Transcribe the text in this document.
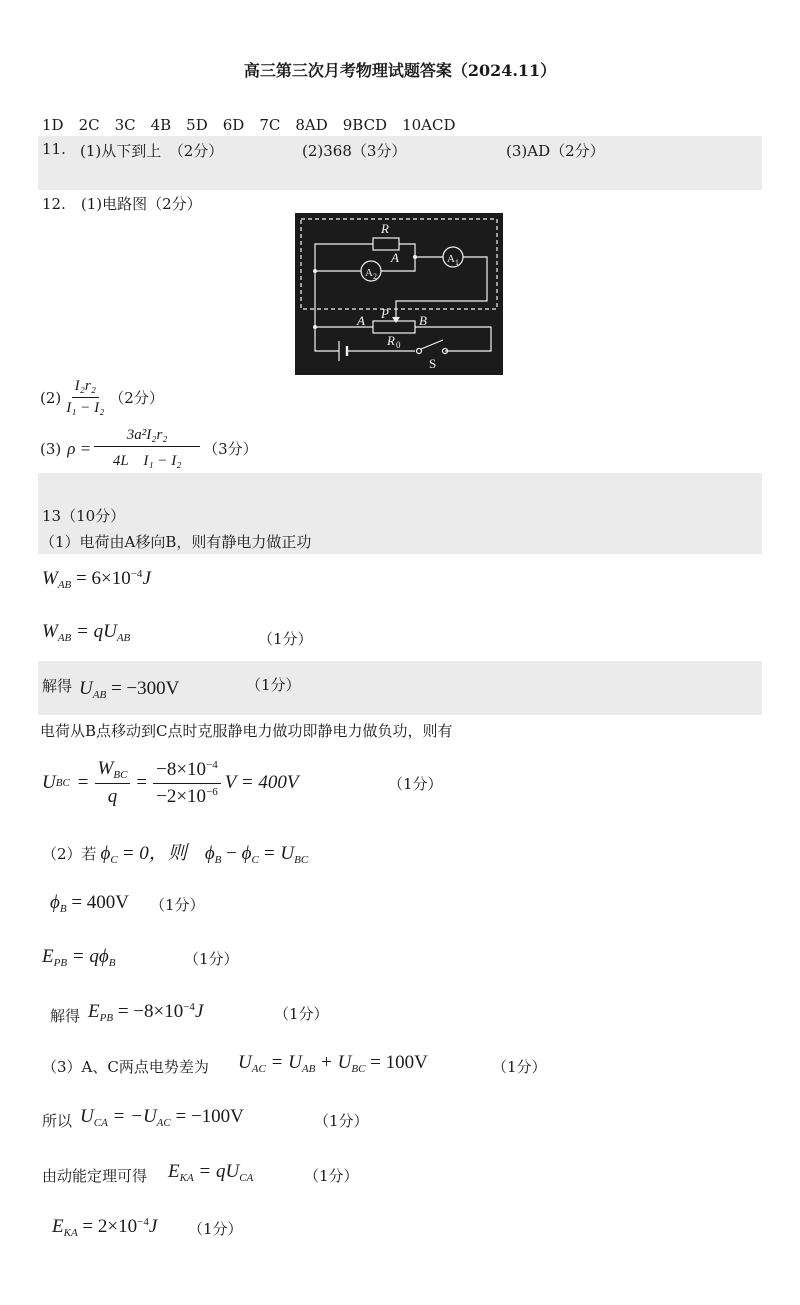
高三第三次月考物理试题答案（2024.11）
1D　2C　3C　4B　5D　6D　7C　8AD　9BCD　10ACD
11. (1)从下到上　（2分）	(2)368（3分）	(3)AD（2分）
12.　(1)电路图（2分）
R
A	A 1
A 2
A P B
R 0
S
$(2) \frac{\text{I₂r₂}}{\text{I₁ − I₂}} (2$分）
(3) $\rho = \frac{\text{3a²I₂r₂}}{\text{4L　I₁ − I₂}} (3$分）
13（10分）
（1）电荷由A移向B，则有静电力做正功
$W_{AB} = 6\times 10^{-4}J$
$W_{AB} = qU_{AB}$	（1分）
解得 $U_{AB} = -300V$	（1分）
电荷从B点移动到C点时克服静电力做功即静电力做负功，则有
U BC = $\frac{W_{BC}}{q} = \frac{-8\times 10^{-4}}{-2\times 10^{-6}}$ V = 400V	（1分）
（2）若 $\phi_C = 0$，则 $\phi_B - \phi_C = U_{BC}$
$\phi_B = 400V$ （1分）
$E_{PB} = q\phi_B$	（1分）
解得 $E_{PB} = -8\times 10^{-4}J$	（1分）
（3）A、C两点电势差为 $U_{AC} = U_{AB} + U_{BC} = 100V$	（1分）
所以 $U_{CA} = -U_{AC} = -100V$	（1分）
由动能定理可得 $E_{KA} = qU_{CA}$	（1分）
$E_{KA} = 2\times 10^{-4}J$ （1分）
